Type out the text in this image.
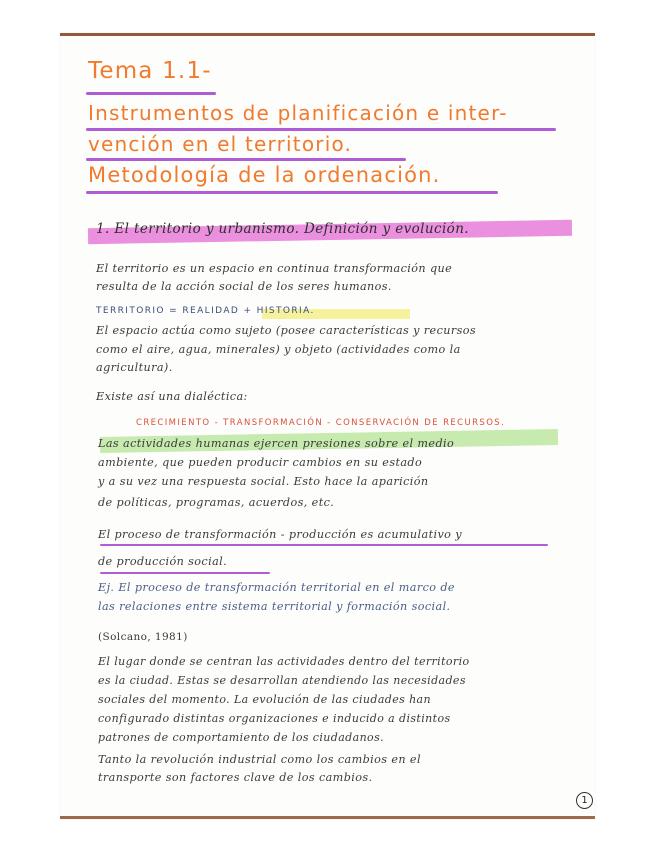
Tema 1.1-
Instrumentos de planificación e inter-
vención en el territorio.
Metodología de la ordenación.
1. El territorio y urbanismo. Definición y evolución.
El territorio es un espacio en continua transformación que
resulta de la acción social de los seres humanos.
TERRITORIO = REALIDAD + HISTORIA.
El espacio actúa como sujeto (posee características y recursos
como el aire, agua, minerales) y objeto (actividades como la
agricultura).
Existe así una dialéctica:
CRECIMIENTO - TRANSFORMACIÓN - CONSERVACIÓN DE RECURSOS.
Las actividades humanas ejercen presiones sobre el medio
ambiente, que pueden producir cambios en su estado
y a su vez una respuesta social. Esto hace la aparición
de políticas, programas, acuerdos, etc.
El proceso de transformación - producción es acumulativo y
de producción social.
Ej. El proceso de transformación territorial en el marco de
las relaciones entre sistema territorial y formación social.
(Solcano, 1981)
El lugar donde se centran las actividades dentro del territorio
es la ciudad. Estas se desarrollan atendiendo las necesidades
sociales del momento. La evolución de las ciudades han
configurado distintas organizaciones e inducido a distintos
patrones de comportamiento de los ciudadanos.
Tanto la revolución industrial como los cambios en el
transporte son factores clave de los cambios.
1
